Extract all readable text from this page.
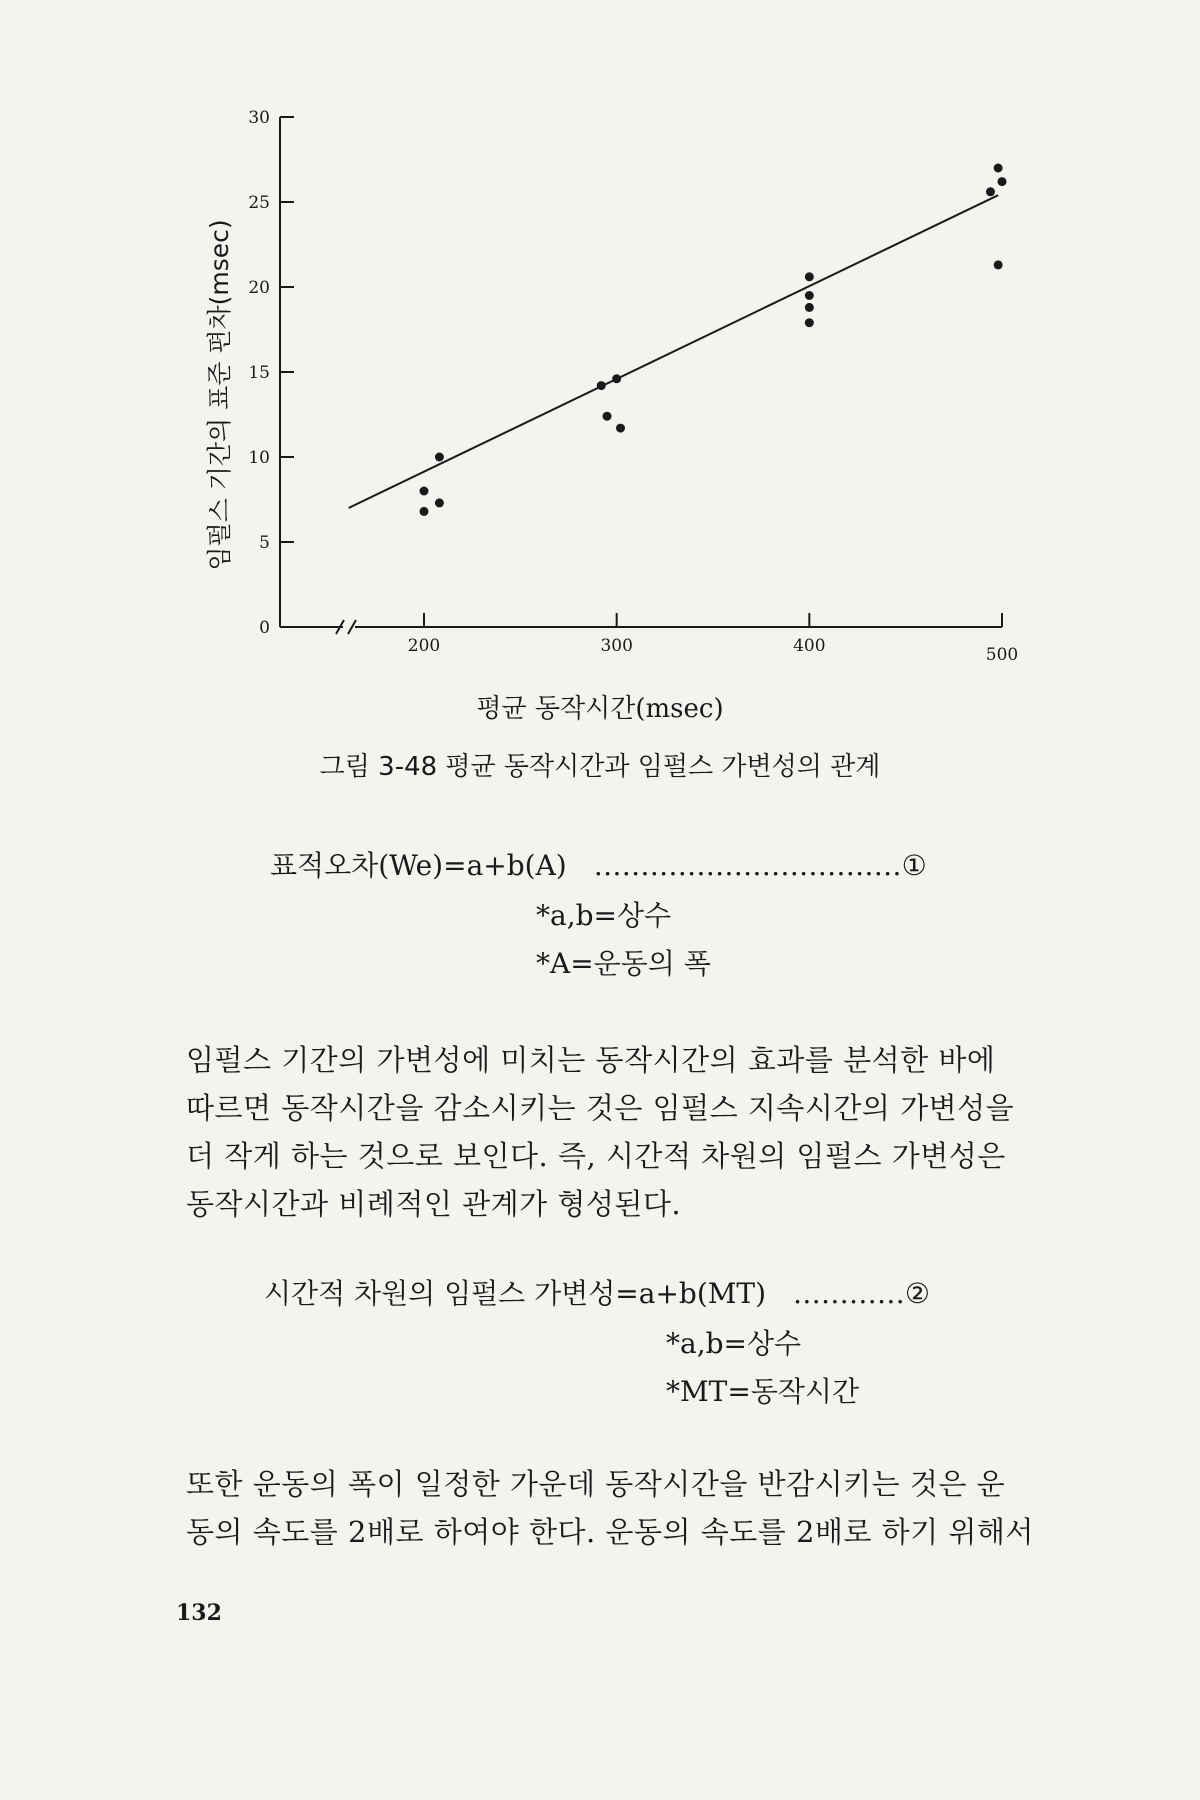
0
5
10
15
20
25
30
200	300	400	500
임펄스 기간의 표준 편차(msec)
평균 동작시간(msec)
그림 3-48 평균 동작시간과 임펄스 가변성의 관계
표적오차(We)=a+b(A) ……………………………①
*a,b=상수
*A=운동의 폭
임펄스 기간의 가변성에 미치는 동작시간의 효과를 분석한 바에
따르면 동작시간을 감소시키는 것은 임펄스 지속시간의 가변성을
더 작게 하는 것으로 보인다. 즉, 시간적 차원의 임펄스 가변성은
동작시간과 비례적인 관계가 형성된다.
시간적 차원의 임펄스 가변성=a+b(MT) …………②
*a,b=상수
*MT=동작시간
또한 운동의 폭이 일정한 가운데 동작시간을 반감시키는 것은 운
동의 속도를 2배로 하여야 한다. 운동의 속도를 2배로 하기 위해서
132
